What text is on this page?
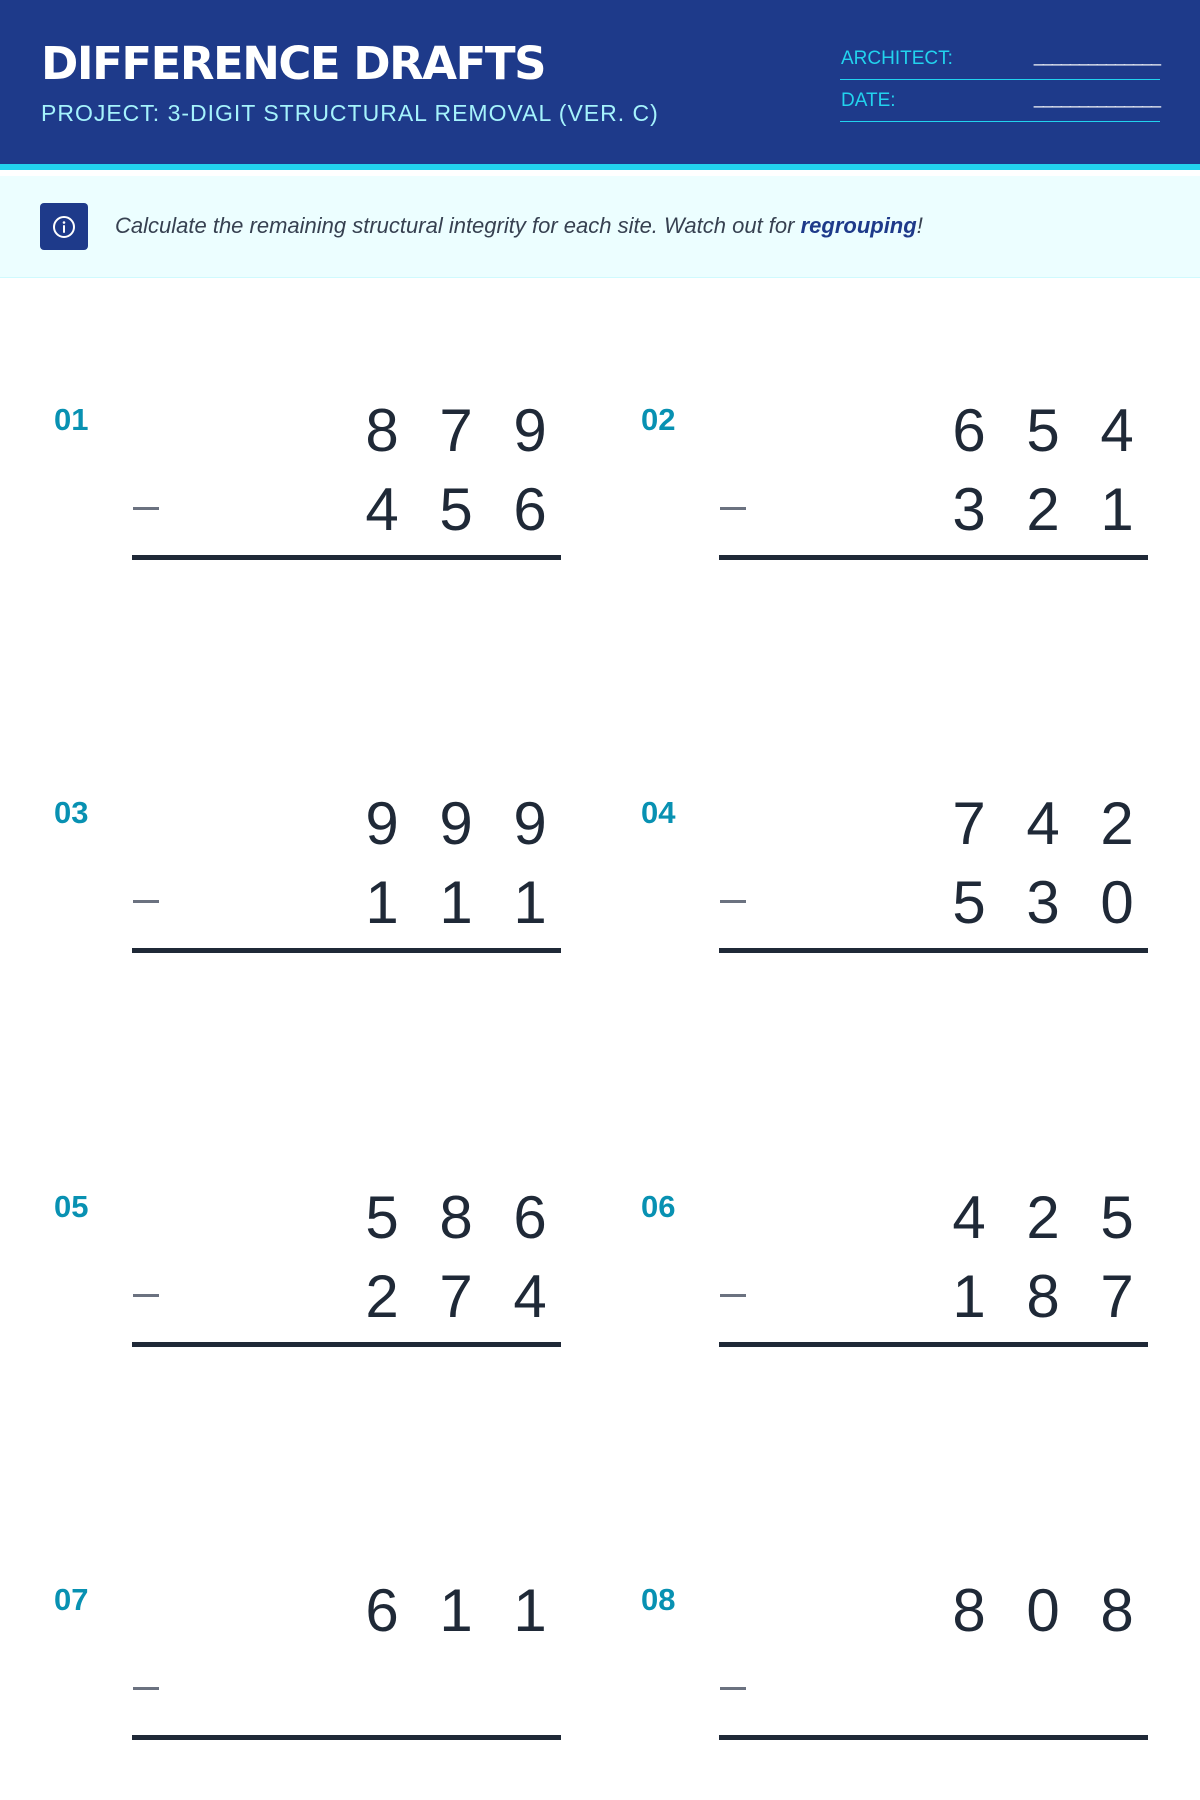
DIFFERENCE DRAFTS
PROJECT: 3-DIGIT STRUCTURAL REMOVAL (VER. C)
ARCHITECT:	______________
DATE:	______________
Calculate the remaining structural integrity for each site. Watch out for regrouping!
01	8 7 9
4 5 6
02	6 5 4
3 2 1
03	9 9 9
1 1 1
04	7 4 2
5 3 0
05	5 8 6
2 7 4
06	4 2 5
1 8 7
07	6 1 1	08	8 0 8
